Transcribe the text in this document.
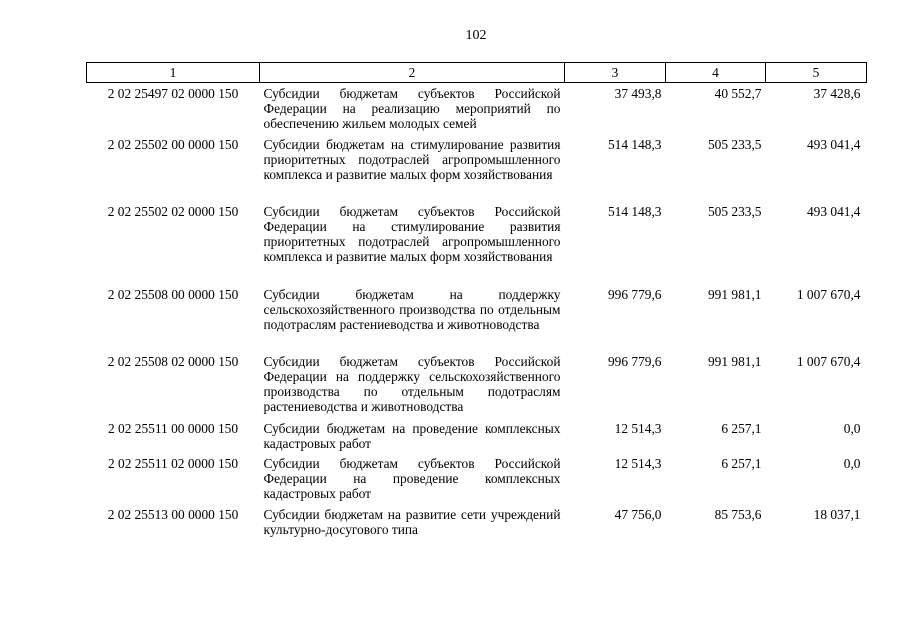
102
1	2	3	4	5
2 02 25497 02 0000 150	Субсидии бюджетам субъектов Российской Федерации на реализацию мероприятий по обеспечению жильем молодых семей	37 493,8	40 552,7	37 428,6
2 02 25502 00 0000 150	Субсидии бюджетам на стимулирование развития приоритетных подотраслей агропромышленного комплекса и развитие малых форм хозяйствования	514 148,3	505 233,5	493 041,4
2 02 25502 02 0000 150	Субсидии бюджетам субъектов Российской Федерации на стимулирование развития приоритетных подотраслей агропромышленного комплекса и развитие малых форм хозяйствования	514 148,3	505 233,5	493 041,4
2 02 25508 00 0000 150	Субсидии бюджетам на поддержку сельскохозяйственного производства по отдельным подотраслям растениеводства и животноводства	996 779,6	991 981,1	1 007 670,4
2 02 25508 02 0000 150	Субсидии бюджетам субъектов Российской Федерации на поддержку сельскохозяйственного производства по отдельным подотраслям растениеводства и животноводства	996 779,6	991 981,1	1 007 670,4
2 02 25511 00 0000 150	Субсидии бюджетам на проведение комплексных кадастровых работ	12 514,3	6 257,1	0,0
2 02 25511 02 0000 150	Субсидии бюджетам субъектов Российской Федерации на проведение комплексных кадастровых работ	12 514,3	6 257,1	0,0
2 02 25513 00 0000 150	Субсидии бюджетам на развитие сети учреждений культурно-досугового типа	47 756,0	85 753,6	18 037,1
